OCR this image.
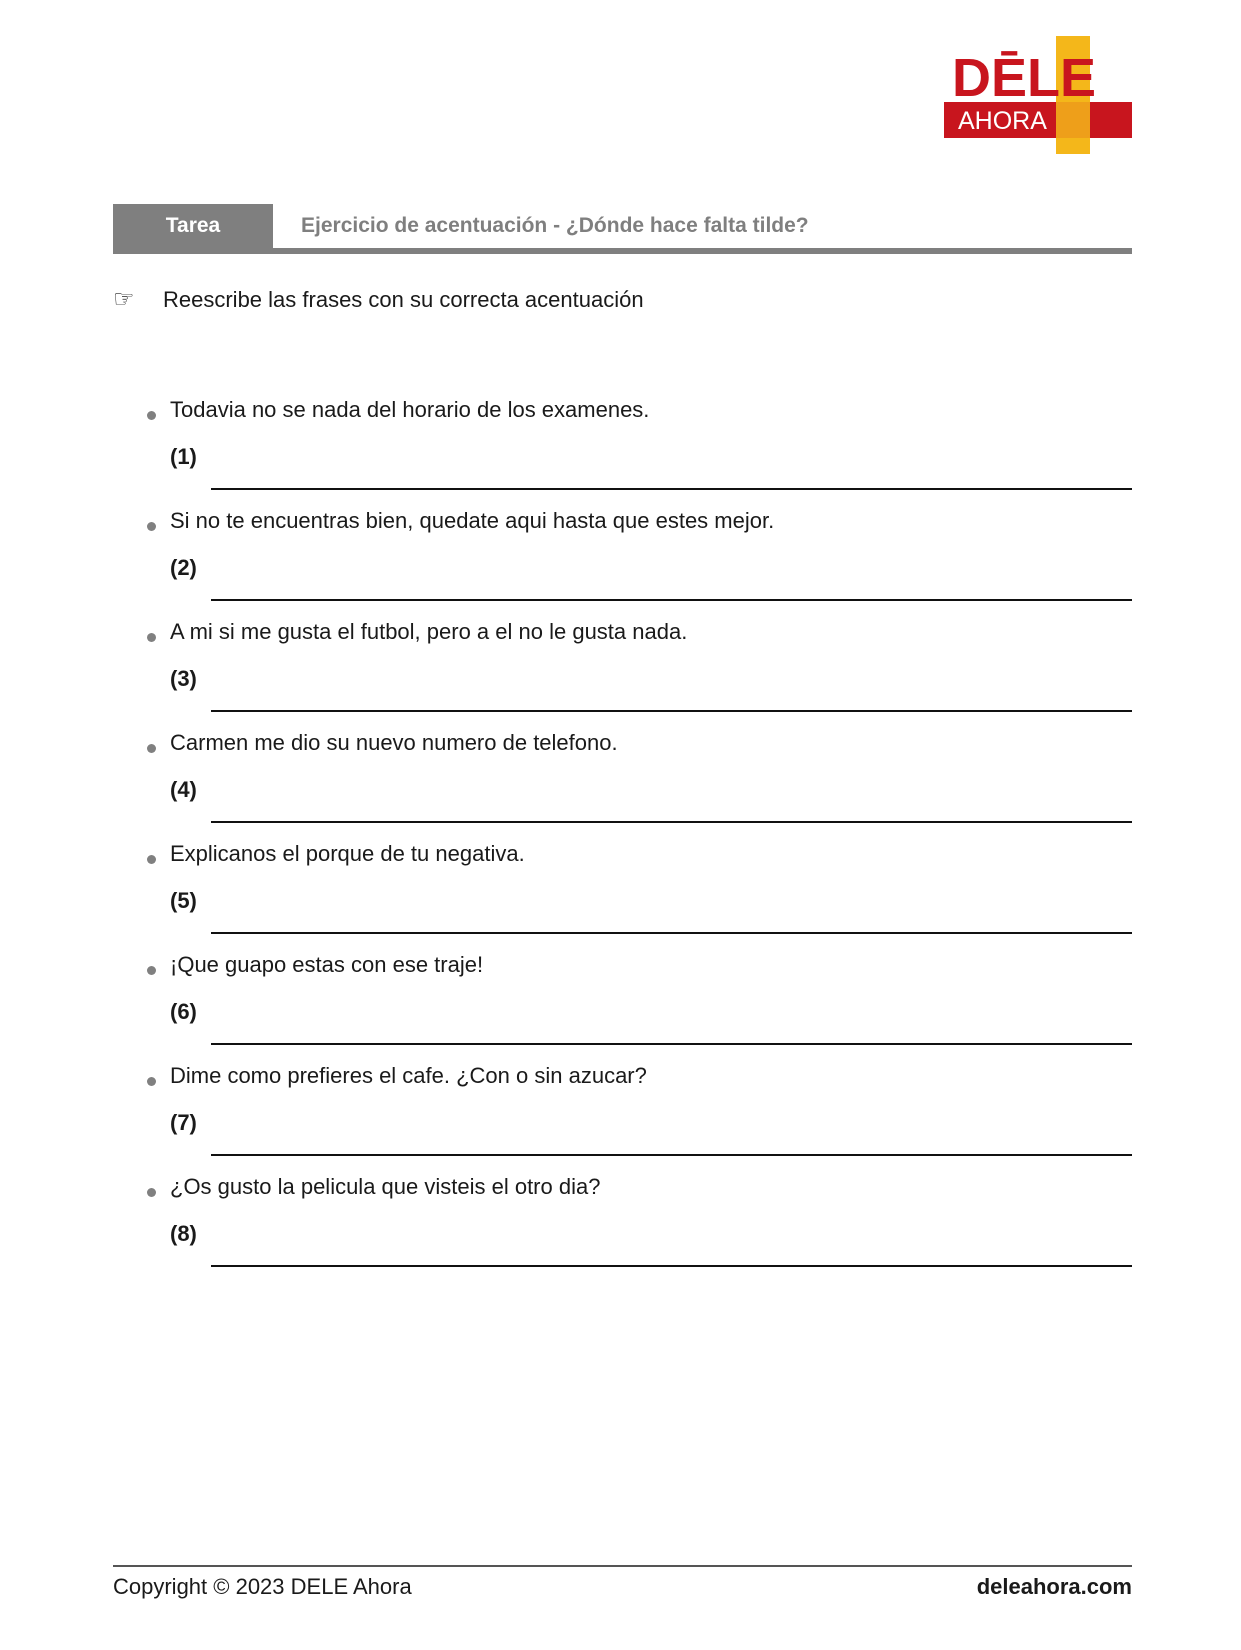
DĒLE
AHORA
Tarea	Ejercicio de acentuación - ¿Dónde hace falta tilde?
☞	Reescribe las frases con su correcta acentuación
Todavia no se nada del horario de los examenes.
(1)
Si no te encuentras bien, quedate aqui hasta que estes mejor.
(2)
A mi si me gusta el futbol, pero a el no le gusta nada.
(3)
Carmen me dio su nuevo numero de telefono.
(4)
Explicanos el porque de tu negativa.
(5)
¡Que guapo estas con ese traje!
(6)
Dime como prefieres el cafe. ¿Con o sin azucar?
(7)
¿Os gusto la pelicula que visteis el otro dia?
(8)
Copyright © 2023 DELE Ahora	deleahora.com
